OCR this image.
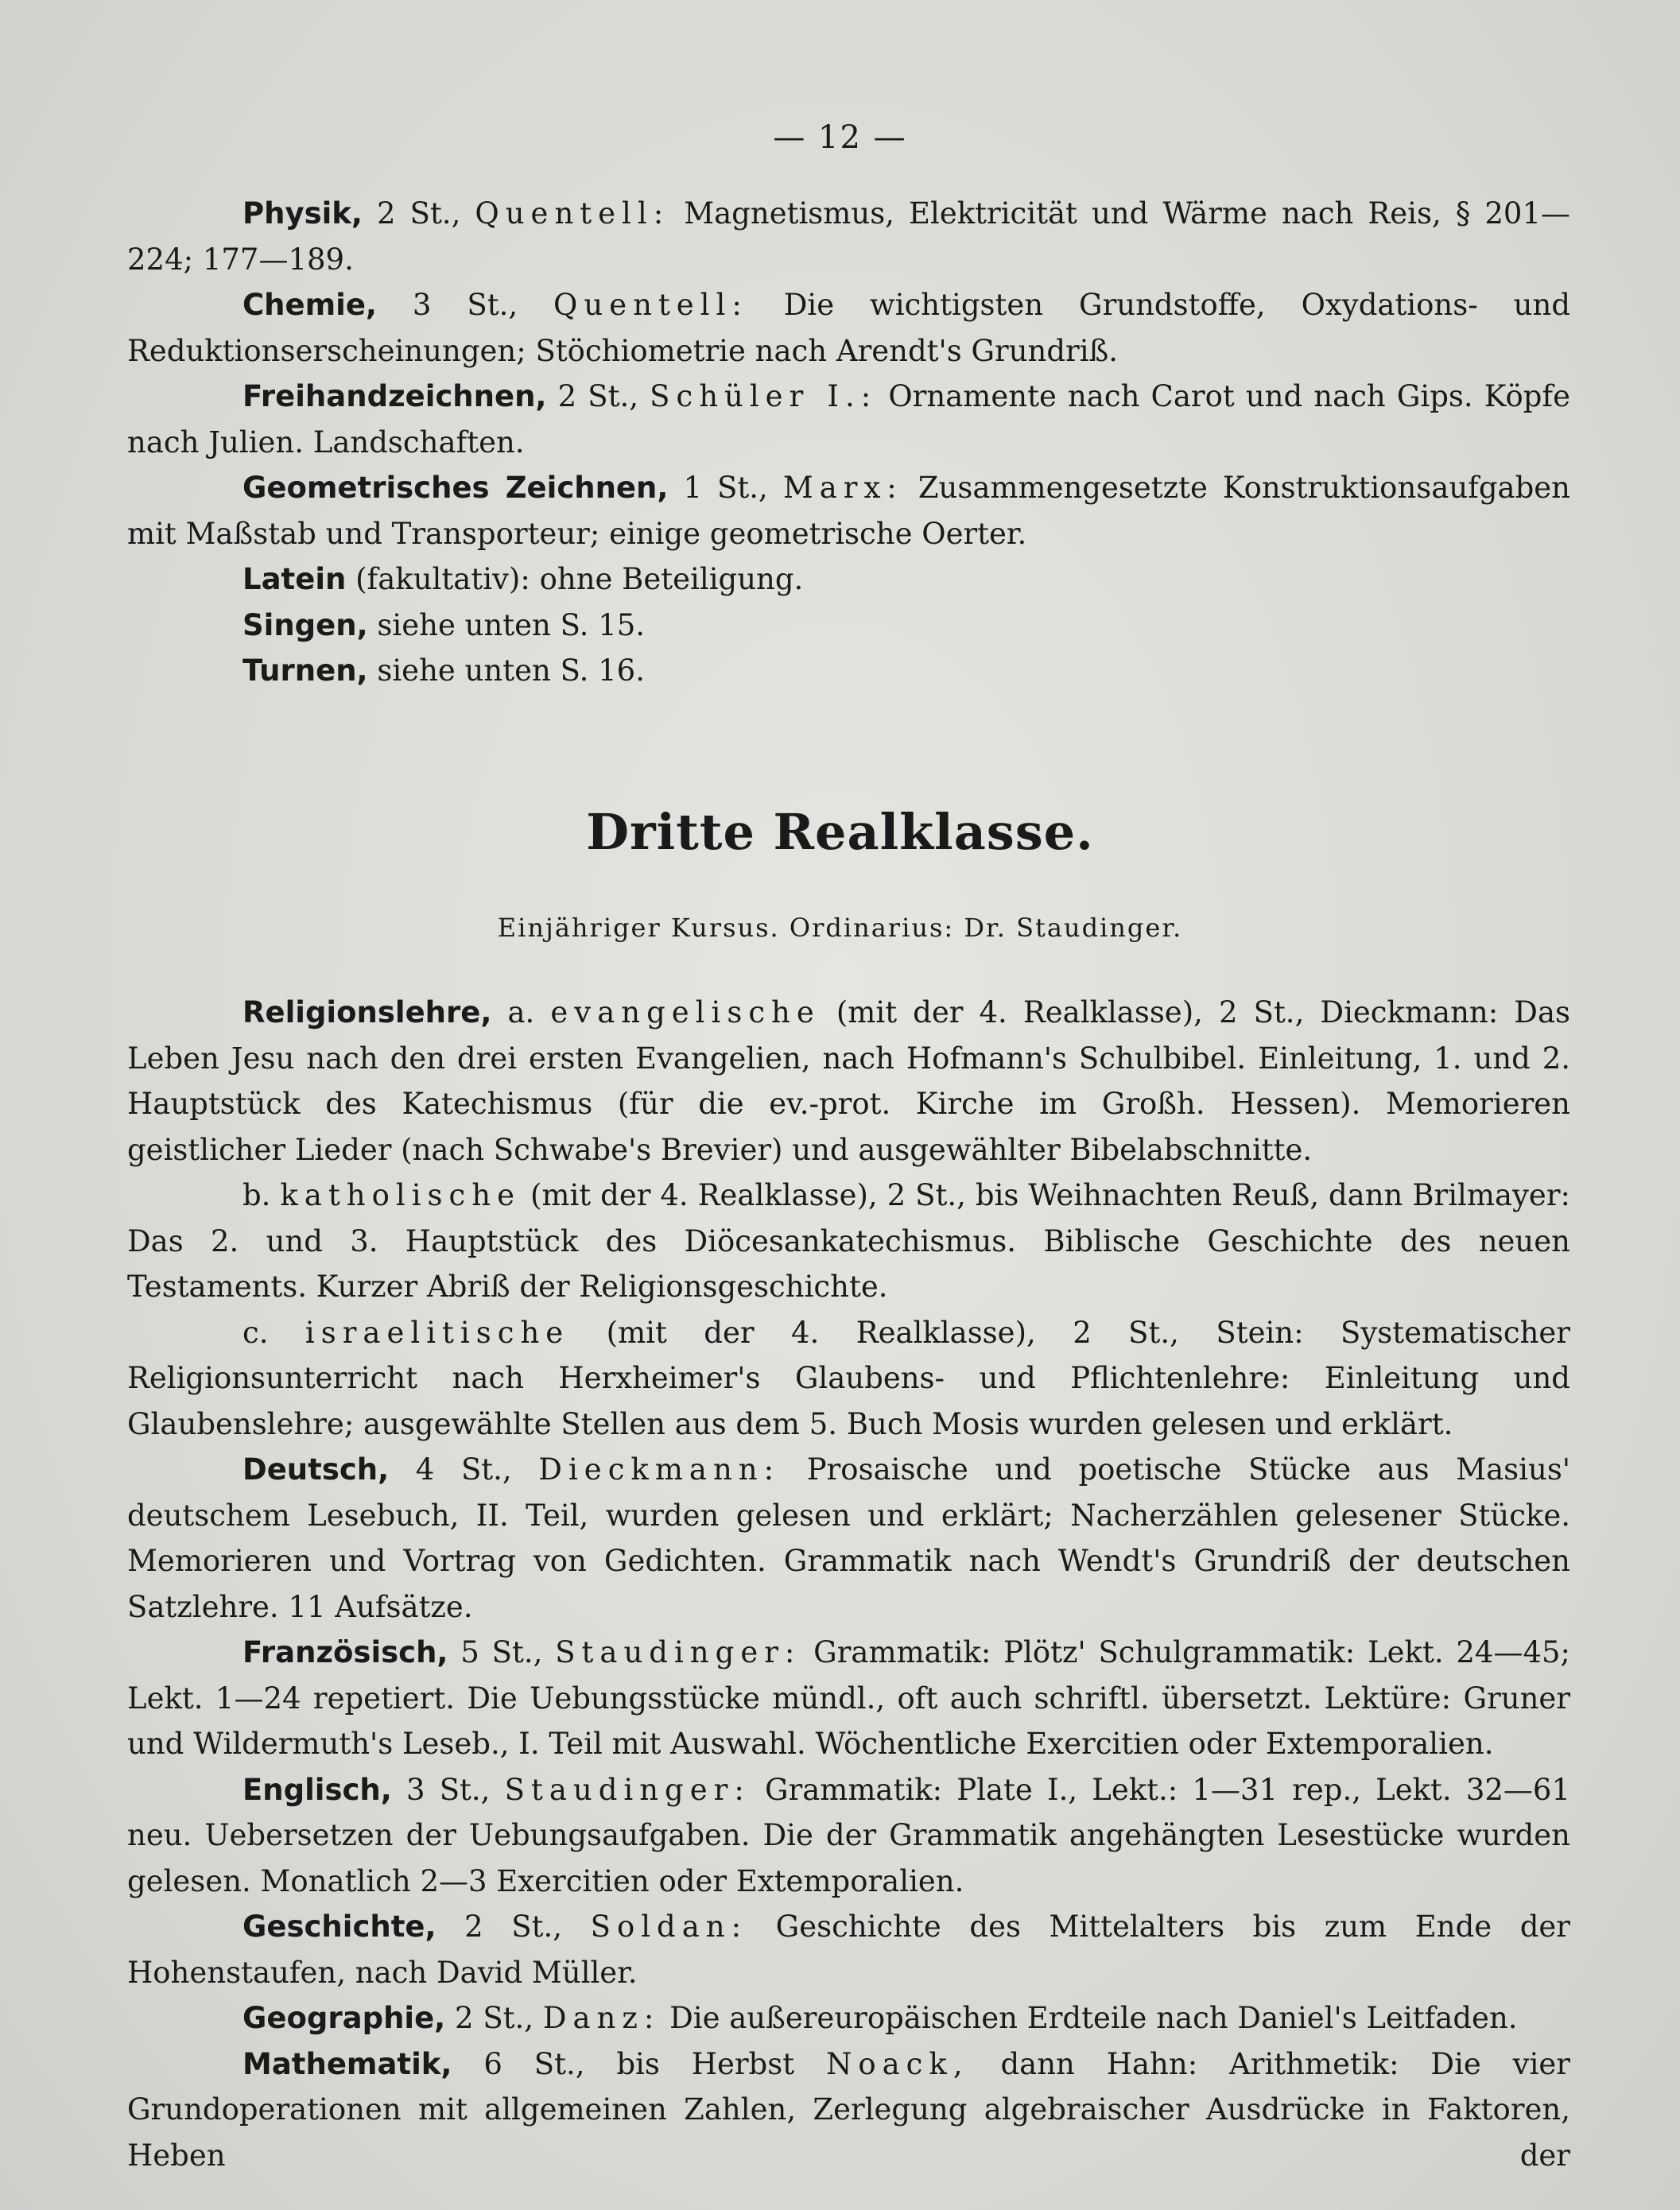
— 12 —

Physik, 2 St., Quentell: Magnetismus, Elektricität und Wärme nach Reis, § 201—224; 177—189.

Chemie, 3 St., Quentell: Die wichtigsten Grundstoffe, Oxydations- und Reduktionserscheinungen; Stöchiometrie nach Arendt's Grundriß.

Freihandzeichnen, 2 St., Schüler I.: Ornamente nach Carot und nach Gips. Köpfe nach Julien. Landschaften.

Geometrisches Zeichnen, 1 St., Marx: Zusammengesetzte Konstruktionsaufgaben mit Maßstab und Transporteur; einige geometrische Oerter.

Latein (fakultativ): ohne Beteiligung.

Singen, siehe unten S. 15.

Turnen, siehe unten S. 16.

Dritte Realklasse.
Einjähriger Kursus. Ordinarius: Dr. Staudinger.

Religionslehre, a. evangelische (mit der 4. Realklasse), 2 St., Dieckmann: Das Leben Jesu nach den drei ersten Evangelien, nach Hofmann's Schulbibel. Einleitung, 1. und 2. Hauptstück des Katechismus (für die ev.-prot. Kirche im Großh. Hessen). Memorieren geistlicher Lieder (nach Schwabe's Brevier) und ausgewählter Bibelabschnitte.

b. katholische (mit der 4. Realklasse), 2 St., bis Weihnachten Reuß, dann Brilmayer: Das 2. und 3. Hauptstück des Diöcesankatechismus. Biblische Geschichte des neuen Testaments. Kurzer Abriß der Religionsgeschichte.

c. israelitische (mit der 4. Realklasse), 2 St., Stein: Systematischer Religionsunterricht nach Herxheimer's Glaubens- und Pflichtenlehre: Einleitung und Glaubenslehre; ausgewählte Stellen aus dem 5. Buch Mosis wurden gelesen und erklärt.

Deutsch, 4 St., Dieckmann: Prosaische und poetische Stücke aus Masius' deutschem Lesebuch, II. Teil, wurden gelesen und erklärt; Nacherzählen gelesener Stücke. Memorieren und Vortrag von Gedichten. Grammatik nach Wendt's Grundriß der deutschen Satzlehre. 11 Aufsätze.

Französisch, 5 St., Staudinger: Grammatik: Plötz' Schulgrammatik: Lekt. 24—45; Lekt. 1—24 repetiert. Die Uebungsstücke mündl., oft auch schriftl. übersetzt. Lektüre: Gruner und Wildermuth's Leseb., I. Teil mit Auswahl. Wöchentliche Exercitien oder Extemporalien.

Englisch, 3 St., Staudinger: Grammatik: Plate I., Lekt.: 1—31 rep., Lekt. 32—61 neu. Uebersetzen der Uebungsaufgaben. Die der Grammatik angehängten Lesestücke wurden gelesen. Monatlich 2—3 Exercitien oder Extemporalien.

Geschichte, 2 St., Soldan: Geschichte des Mittelalters bis zum Ende der Hohenstaufen, nach David Müller.

Geographie, 2 St., Danz: Die außereuropäischen Erdteile nach Daniel's Leitfaden.

Mathematik, 6 St., bis Herbst Noack, dann Hahn: Arithmetik: Die vier Grundoperationen mit allgemeinen Zahlen, Zerlegung algebraischer Ausdrücke in Faktoren, Heben der
